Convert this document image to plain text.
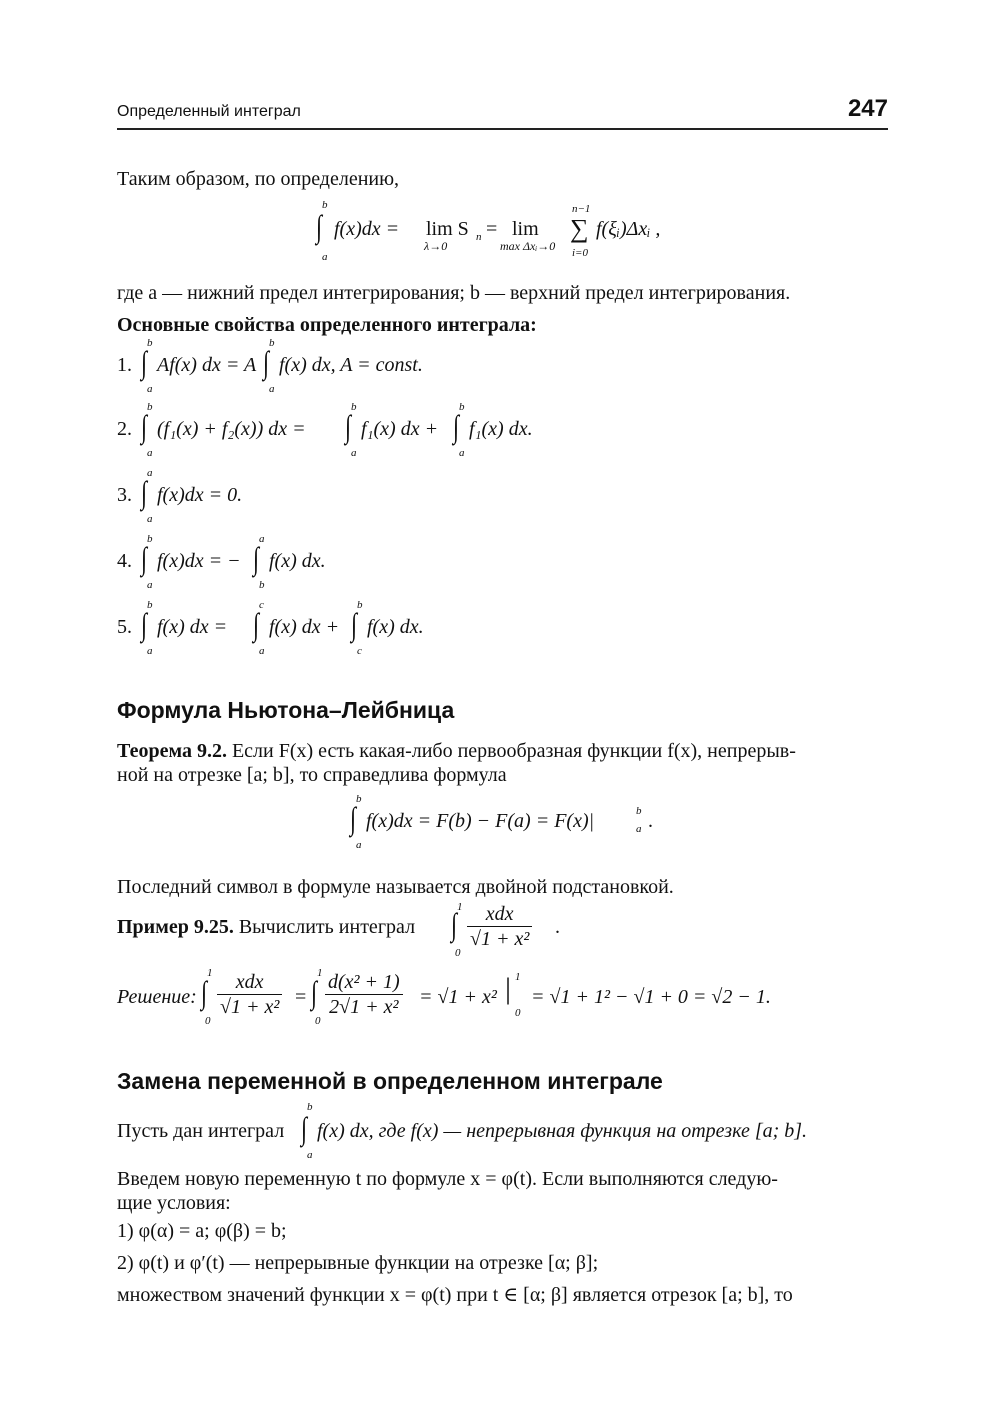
Определенный интеграл	247
Таким образом, по определению,
b
∫
a
f(x)dx = lim S n
λ→0
= lim
max Δxᵢ→0
n−1
∑
i=0
f(ξᵢ)Δxᵢ ,
где a — нижний предел интегрирования; b — верхний предел интегрирования.
Основные свойства определенного интеграла:
1.
b
∫
a
Af(x) dx = A
b
∫
a
f(x) dx, A = const.
2.
b
∫
a
(f₁(x) + f₂(x)) dx =
b
∫
a
f₁(x) dx +
b
∫
a
f₁(x) dx.
3.
a
∫
a
f(x)dx = 0.
4.
b
∫
a
f(x)dx = −
a
∫
b
f(x) dx.
5.
b
∫
a
f(x) dx =
c
∫
a
f(x) dx +
b
∫
c
f(x) dx.
Формула Ньютона–Лейбница
Теорема 9.2. Если F(x) есть какая-либо первообразная функции f(x), непрерыв-
ной на отрезке [a; b], то справедлива формула
b
∫
a
f(x)dx = F(b) − F(a) = F(x)|	b
a .
Последний символ в формуле называется двойной подстановкой.
Пример 9.25. Вычислить интеграл
1
∫
0
xdx
√1 + x²
.
Решение:
1
∫
0
xdx
√1 + x² =
1
∫
0
$\frac{\text{d(x² + 1)}}{\text{2√1 + x²}} = √1 + x^2$ | 1
0
= √1 + 1² − √1 + 0 = √2 − 1.
Замена переменной в определенном интеграле
Пусть дан интеграл
b
∫
a
f(x) dx, где f(x) — непрерывная функция на отрезке [a; b].
Введем новую переменную t по формуле x = φ(t). Если выполняются следую-
щие условия:
1) φ(α) = a; φ(β) = b;
2) φ(t) и φ′(t) — непрерывные функции на отрезке [α; β];
множеством значений функции x = φ(t) при t ∈ [α; β] является отрезок [a; b], то
